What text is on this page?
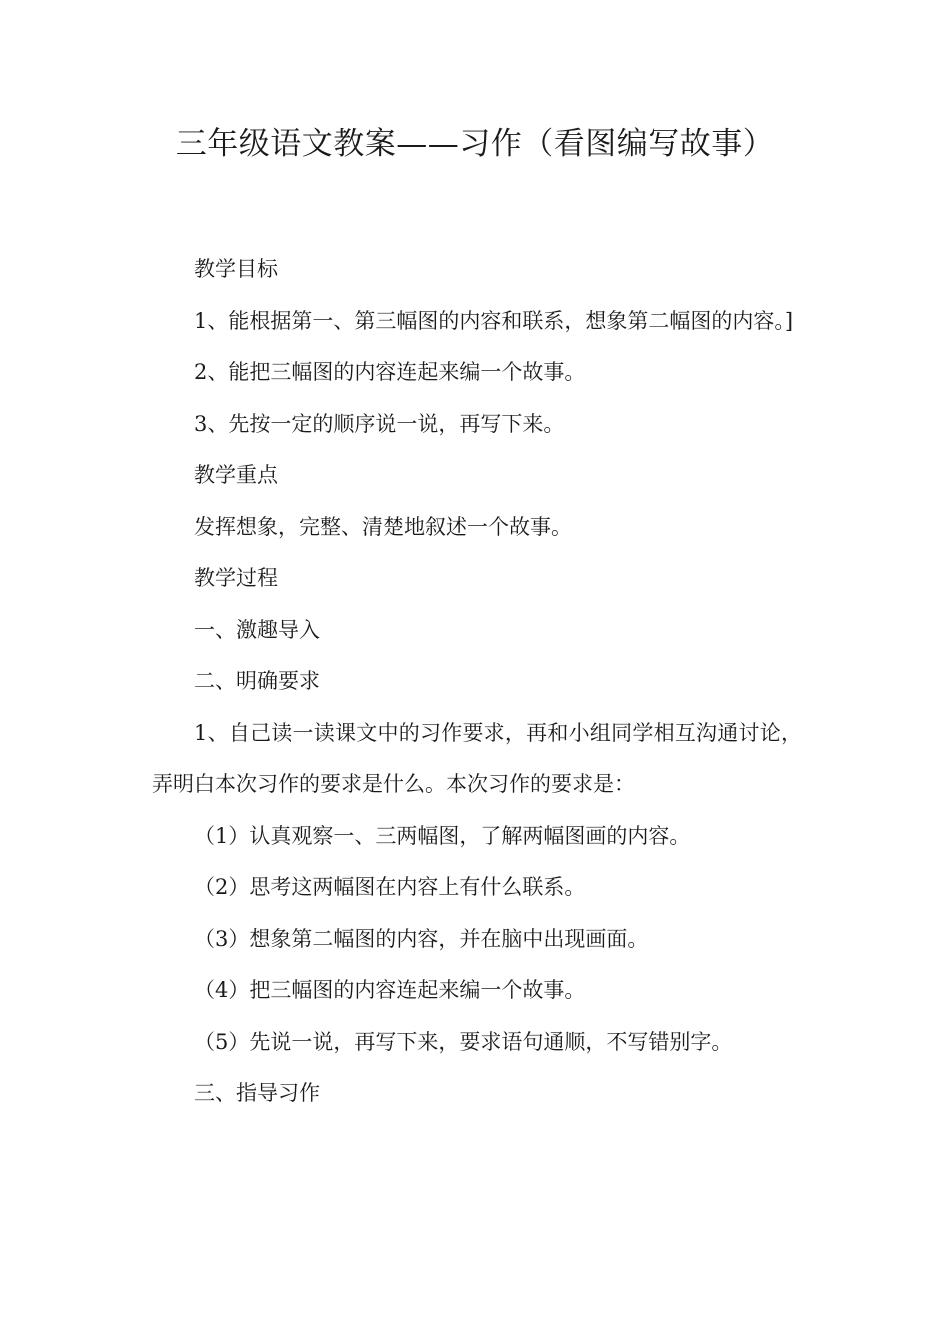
三年级语文教案——习作（看图编写故事）

教学目标

1、能根据第一、第三幅图的内容和联系，想象第二幅图的内容。]

2、能把三幅图的内容连起来编一个故事。

3、先按一定的顺序说一说，再写下来。

教学重点

发挥想象，完整、清楚地叙述一个故事。

教学过程

一、激趣导入

二、明确要求

1、自己读一读课文中的习作要求，再和小组同学相互沟通讨论，弄明白本次习作的要求是什么。本次习作的要求是：

（1）认真观察一、三两幅图，了解两幅图画的内容。

（2）思考这两幅图在内容上有什么联系。

（3）想象第二幅图的内容，并在脑中出现画面。

（4）把三幅图的内容连起来编一个故事。

（5）先说一说，再写下来，要求语句通顺，不写错别字。

三、指导习作
